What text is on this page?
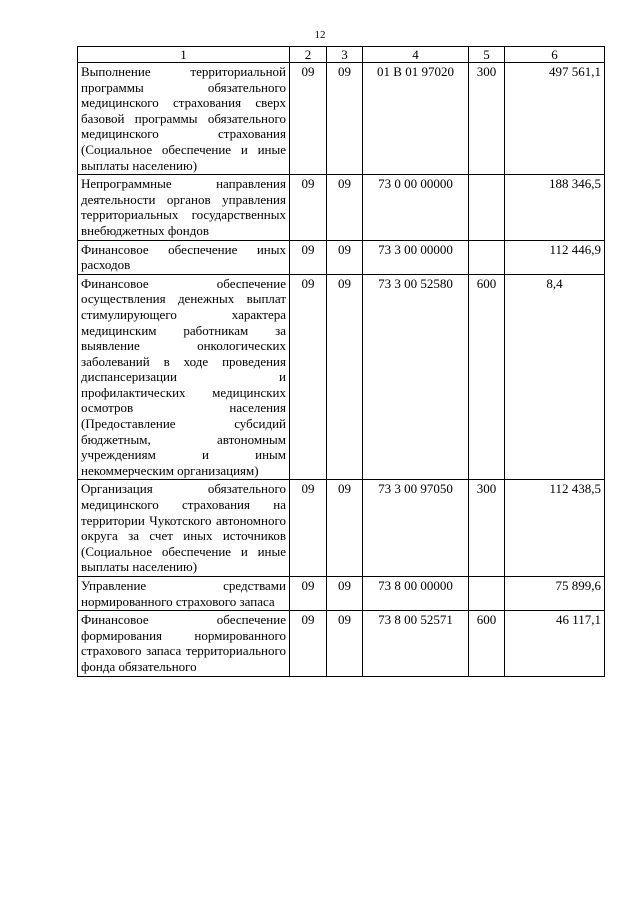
12
1	2	3	4	5	6
Выполнение территориальной программы обязательного медицинского страхования сверх базовой программы обязательного медицинского страхования (Социальное обеспечение и иные выплаты населению)	09	09	01 В 01 97020	300	497 561,1
Непрограммные направления деятельности органов управления территориальных государственных внебюджетных фондов	09	09	73 0 00 00000		188 346,5
Финансовое обеспечение иных расходов	09	09	73 3 00 00000		112 446,9
Финансовое обеспечение осуществления денежных выплат стимулирующего характера медицинским работникам за выявление онкологических заболеваний в ходе проведения диспансеризации и профилактических медицинских осмотров населения (Предоставление субсидий бюджетным, автономным учреждениям и иным некоммерческим организациям)	09	09	73 3 00 52580	600	8,4
Организация обязательного медицинского страхования на территории Чукотского автономного округа за счет иных источников (Социальное обеспечение и иные выплаты населению)	09	09	73 3 00 97050	300	112 438,5
Управление средствами нормированного страхового запаса	09	09	73 8 00 00000		75 899,6
Финансовое обеспечение формирования нормированного страхового запаса территориального фонда обязательного	09	09	73 8 00 52571	600	46 117,1
